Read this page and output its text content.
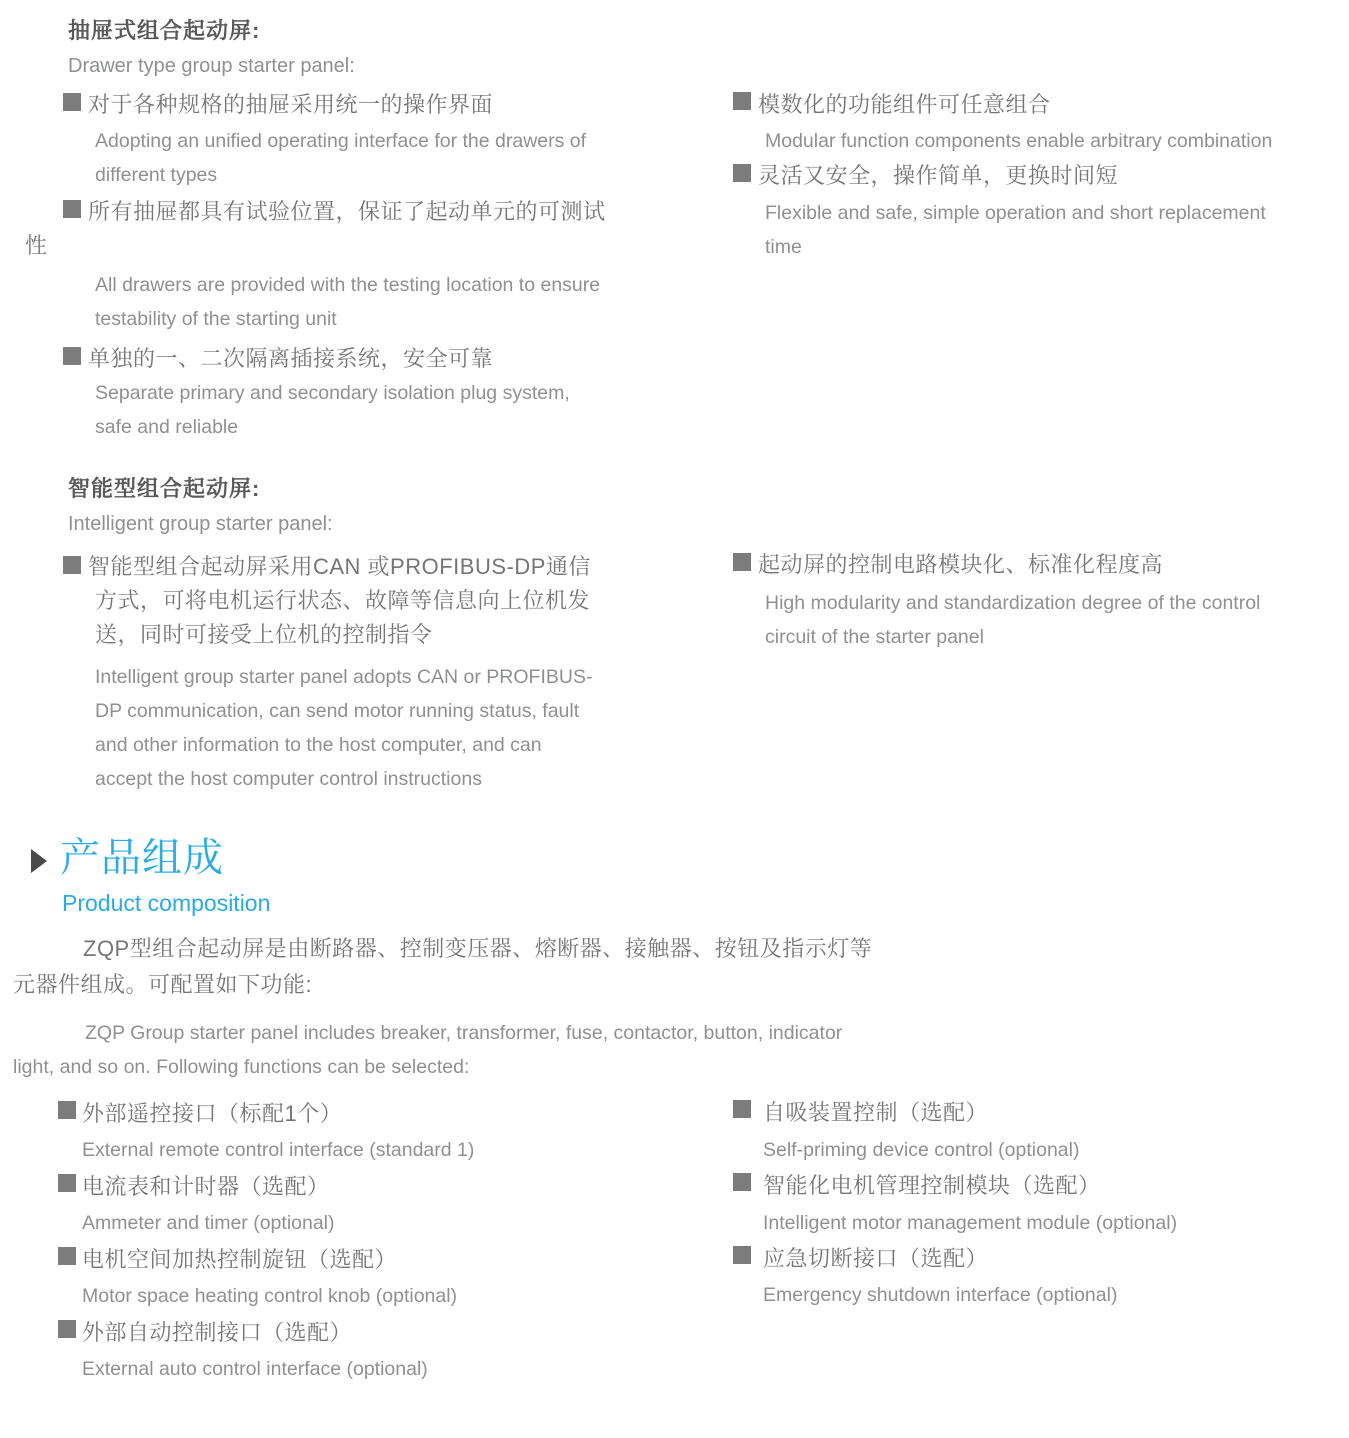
抽屉式组合起动屏:
Drawer type group starter panel:
对于各种规格的抽屉采用统一的操作界面
Adopting an unified operating interface for the drawers of
different types
所有抽屉都具有试验位置，保证了起动单元的可测试
性
All drawers are provided with the testing location to ensure
testability of the starting unit
单独的一、二次隔离插接系统，安全可靠
Separate primary and secondary isolation plug system,
safe and reliable
模数化的功能组件可任意组合
Modular function components enable arbitrary combination
灵活又安全，操作简单，更换时间短
Flexible and safe, simple operation and short replacement
time
智能型组合起动屏:
Intelligent group starter panel:
智能型组合起动屏采用CAN 或PROFIBUS-DP通信
方式，可将电机运行状态、故障等信息向上位机发
送，同时可接受上位机的控制指令
Intelligent group starter panel adopts CAN or PROFIBUS-
DP communication, can send motor running status, fault
and other information to the host computer, and can
accept the host computer control instructions
起动屏的控制电路模块化、标准化程度高
High modularity and standardization degree of the control
circuit of the starter panel
产品组成
Product composition
ZQP型组合起动屏是由断路器、控制变压器、熔断器、接触器、按钮及指示灯等
元器件组成。可配置如下功能:
ZQP Group starter panel includes breaker, transformer, fuse, contactor, button, indicator
light, and so on. Following functions can be selected:
外部遥控接口（标配1个）
External remote control interface (standard 1)
电流表和计时器（选配）
Ammeter and timer (optional)
电机空间加热控制旋钮（选配）
Motor space heating control knob (optional)
外部自动控制接口（选配）
External auto control interface (optional)
自吸装置控制（选配）
Self-priming device control (optional)
智能化电机管理控制模块（选配）
Intelligent motor management module (optional)
应急切断接口（选配）
Emergency shutdown interface (optional)
